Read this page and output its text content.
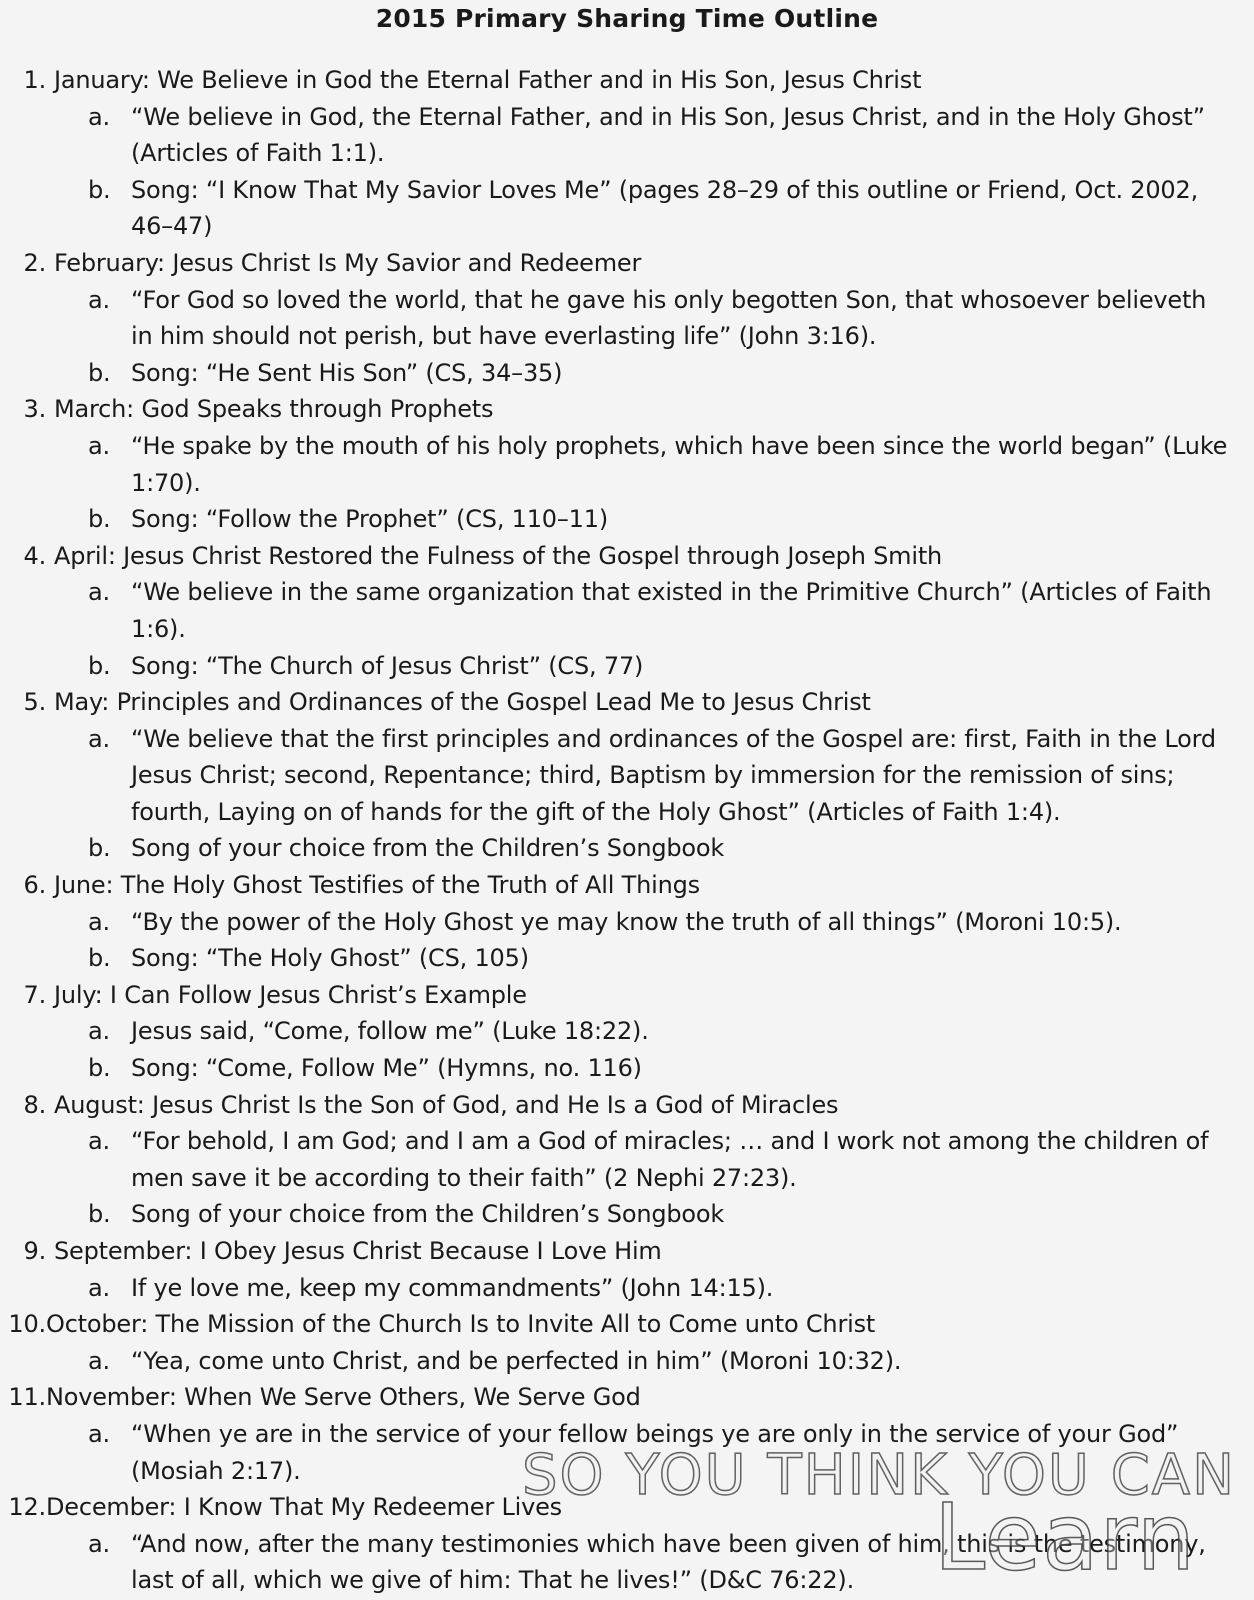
2015 Primary Sharing Time Outline
1. January: We Believe in God the Eternal Father and in His Son, Jesus Christ
a. “We believe in God, the Eternal Father, and in His Son, Jesus Christ, and in the Holy Ghost” (Articles of Faith 1:1).
b. Song: “I Know That My Savior Loves Me” (pages 28–29 of this outline or Friend, Oct. 2002, 46–47)
2. February: Jesus Christ Is My Savior and Redeemer
a. “For God so loved the world, that he gave his only begotten Son, that whosoever believeth in him should not perish, but have everlasting life” (John 3:16).
b. Song: “He Sent His Son” (CS, 34–35)
3. March: God Speaks through Prophets
a. “He spake by the mouth of his holy prophets, which have been since the world began” (Luke 1:70).
b. Song: “Follow the Prophet” (CS, 110–11)
4. April: Jesus Christ Restored the Fulness of the Gospel through Joseph Smith
a. “We believe in the same organization that existed in the Primitive Church” (Articles of Faith 1:6).
b. Song: “The Church of Jesus Christ” (CS, 77)
5. May: Principles and Ordinances of the Gospel Lead Me to Jesus Christ
a. “We believe that the first principles and ordinances of the Gospel are: first, Faith in the Lord Jesus Christ; second, Repentance; third, Baptism by immersion for the remission of sins; fourth, Laying on of hands for the gift of the Holy Ghost” (Articles of Faith 1:4).
b. Song of your choice from the Children’s Songbook
6. June: The Holy Ghost Testifies of the Truth of All Things
a. “By the power of the Holy Ghost ye may know the truth of all things” (Moroni 10:5).
b. Song: “The Holy Ghost” (CS, 105)
7. July: I Can Follow Jesus Christ’s Example
a. Jesus said, “Come, follow me” (Luke 18:22).
b. Song: “Come, Follow Me” (Hymns, no. 116)
8. August: Jesus Christ Is the Son of God, and He Is a God of Miracles
a. “For behold, I am God; and I am a God of miracles; … and I work not among the children of men save it be according to their faith” (2 Nephi 27:23).
b. Song of your choice from the Children’s Songbook
9. September: I Obey Jesus Christ Because I Love Him
a. If ye love me, keep my commandments” (John 14:15).
10. October: The Mission of the Church Is to Invite All to Come unto Christ
a. “Yea, come unto Christ, and be perfected in him” (Moroni 10:32).
11. November: When We Serve Others, We Serve God
a. “When ye are in the service of your fellow beings ye are only in the service of your God” (Mosiah 2:17).
12. December: I Know That My Redeemer Lives
a. “And now, after the many testimonies which have been given of him, this is the testimony, last of all, which we give of him: That he lives!” (D&C 76:22).
SO YOU THINK YOU CAN
Learn
